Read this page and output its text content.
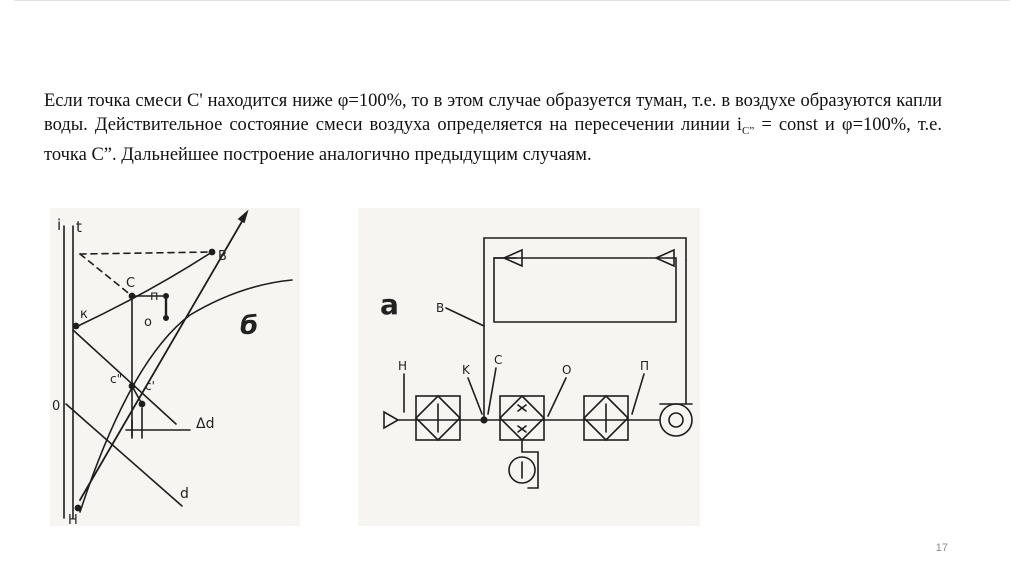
Если точка смеси С' находится ниже φ=100%, то в этом случае образуется туман, т.е. в воздухе образуются капли воды. Действительное состояние смеси воздуха определяется на пересечении линии $i_{С”}$ = const и φ=100%, т.е. точка С”. Дальнейшее построение аналогично предыдущим случаям.

i t
B
C
п
o
к
c" c'
Δd
0
d
H
б
a	B
H	K
C
O	П
17
